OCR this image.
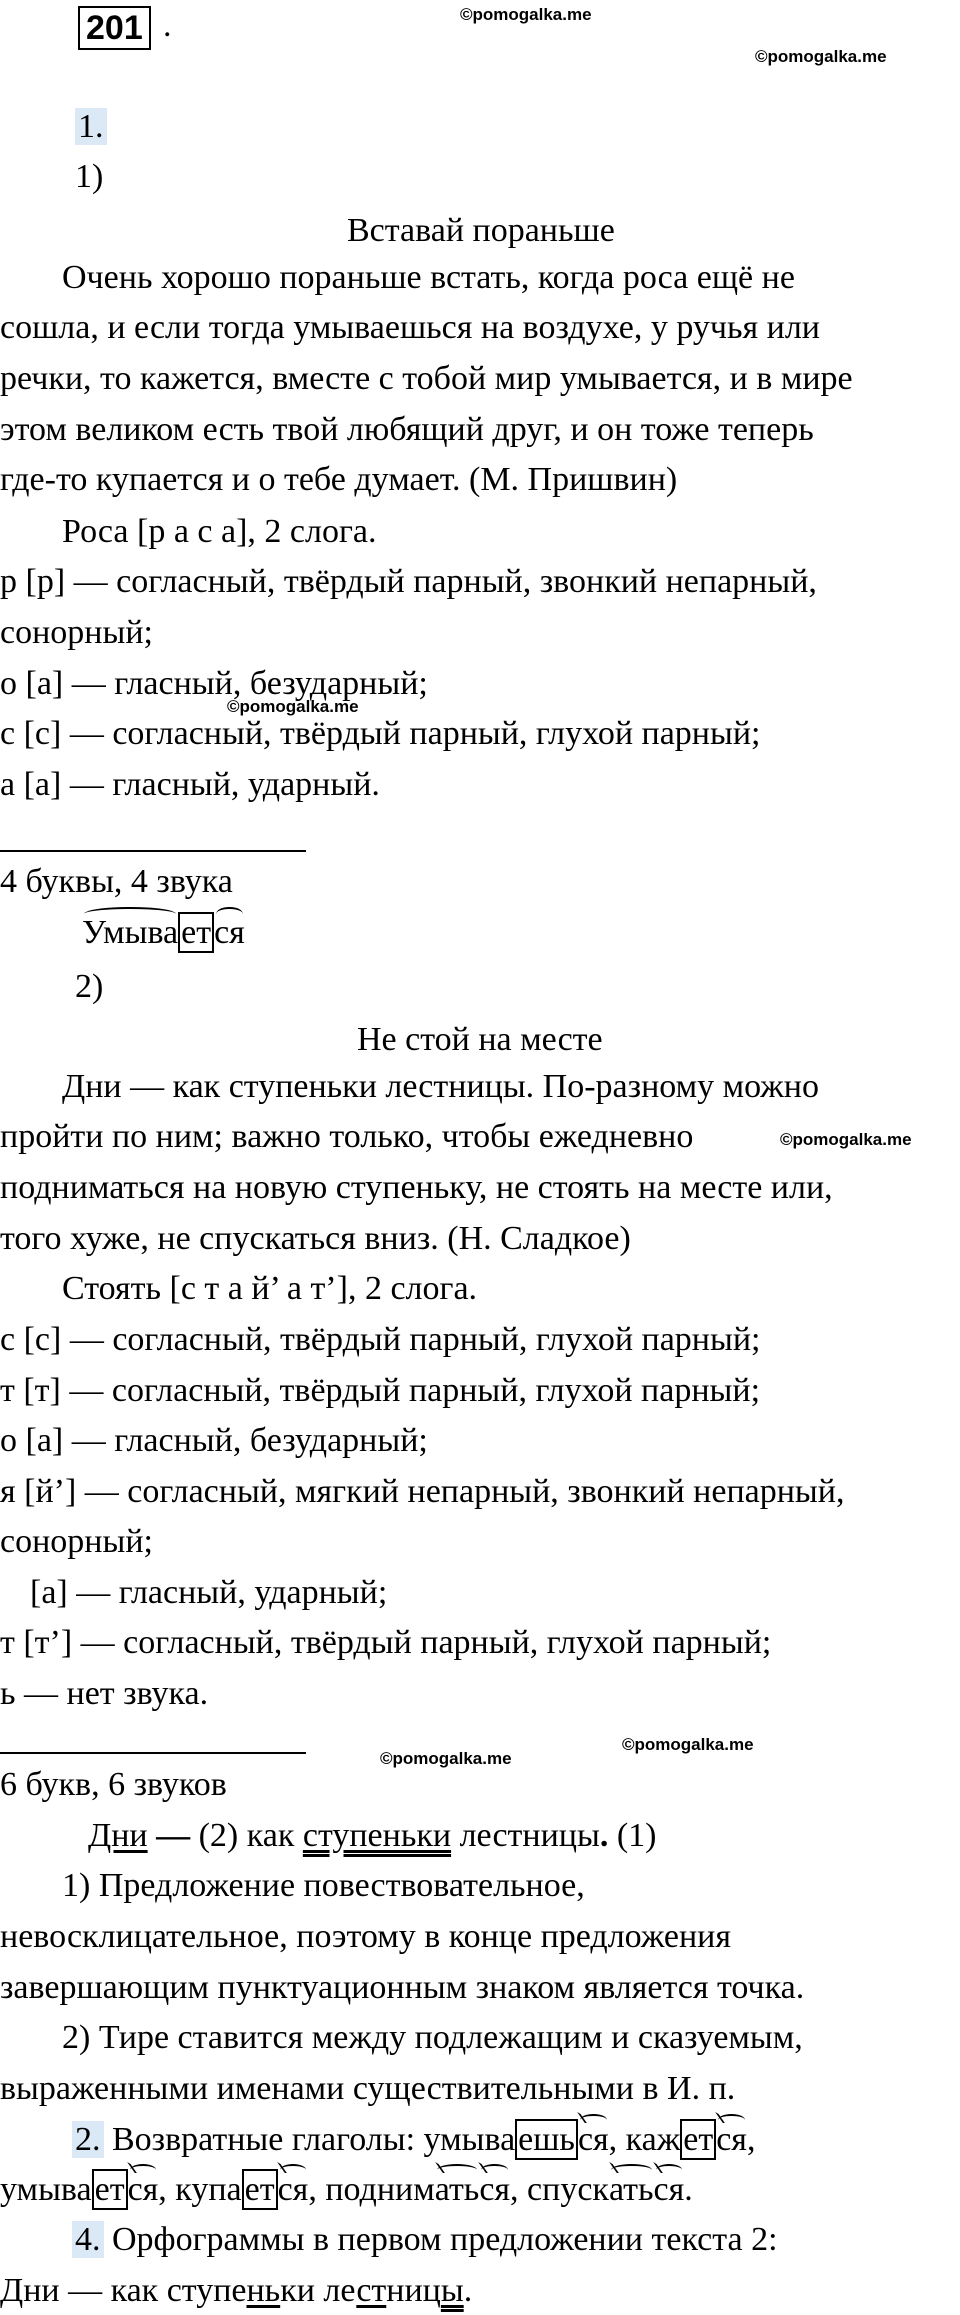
201 .	©pomogalka.me
©pomogalka.me
©pomogalka.me
©pomogalka.me
©pomogalka.me
©pomogalka.me
1.
1)
Вставай пораньше
Очень хорошо пораньше встать, когда роса ещё не
сошла, и если тогда умываешься на воздухе, у ручья или
речки, то кажется, вместе с тобой мир умывается, и в мире
этом великом есть твой любящий друг, и он тоже теперь
где-то купается и о тебе думает. (М. Пришвин)
Роса [р а с а], 2 слога.
р [р] — согласный, твёрдый парный, звонкий непарный,
сонорный;
о [а] — гласный, безударный;
с [с] — согласный, твёрдый парный, глухой парный;
а [а] — гласный, ударный.
4 буквы, 4 звука
Умывается
2)
Не стой на месте
Дни — как ступеньки лестницы. По-разному можно
пройти по ним; важно только, чтобы ежедневно
подниматься на новую ступеньку, не стоять на месте или,
того хуже, не спускаться вниз. (Н. Сладкое)
Стоять [с т а й’ а т’], 2 слога.
с [с] — согласный, твёрдый парный, глухой парный;
т [т] — согласный, твёрдый парный, глухой парный;
о [а] — гласный, безударный;
я [й’] — согласный, мягкий непарный, звонкий непарный,
сонорный;
[а] — гласный, ударный;
т [т’] — согласный, твёрдый парный, глухой парный;
ь — нет звука.
6 букв, 6 звуков
Дни — (2) как ступеньки лестницы. (1)
1) Предложение повествовательное,
невосклицательное, поэтому в конце предложения
завершающим пунктуационным знаком является точка.
2) Тире ставится между подлежащим и сказуемым,
выраженными именами существительными в И. п.
2. Возвратные глаголы: умываешься, кажется,
умывается, купается, подниматься, спускаться.
4. Орфограммы в первом предложении текста 2:
Дни — как ступеньки лестницы.
